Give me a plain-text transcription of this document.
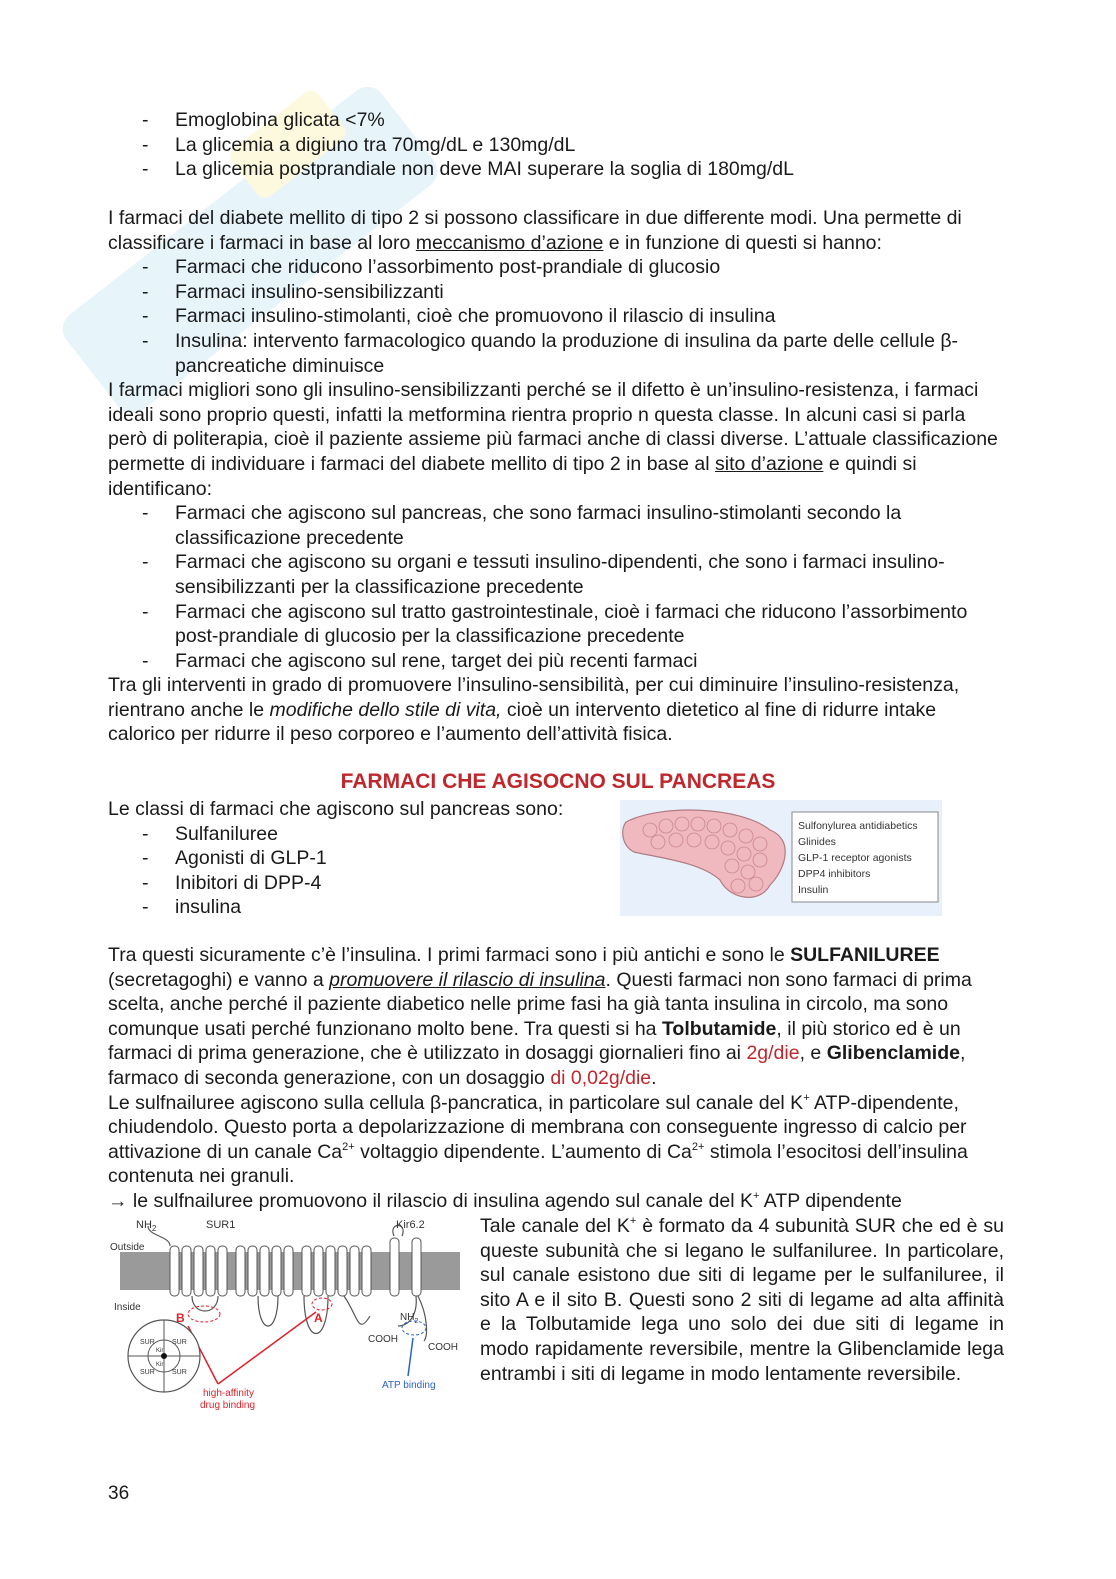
- Emoglobina glicata <7%
- La glicemia a digiuno tra 70mg/dL e 130mg/dL
- La glicemia postprandiale non deve MAI superare la soglia di 180mg/dL

I farmaci del diabete mellito di tipo 2 si possono classificare in due differente modi. Una permette di classificare i farmaci in base al loro meccanismo d’azione e in funzione di questi si hanno:

- Farmaci che riducono l’assorbimento post-prandiale di glucosio
- Farmaci insulino-sensibilizzanti
- Farmaci insulino-stimolanti, cioè che promuovono il rilascio di insulina
- Insulina: intervento farmacologico quando la produzione di insulina da parte delle cellule β-pancreatiche diminuisce

I farmaci migliori sono gli insulino-sensibilizzanti perché se il difetto è un’insulino-resistenza, i farmaci ideali sono proprio questi, infatti la metformina rientra proprio n questa classe. In alcuni casi si parla però di politerapia, cioè il paziente assieme più farmaci anche di classi diverse. L’attuale classificazione permette di individuare i farmaci del diabete mellito di tipo 2 in base al sito d’azione e quindi si identificano:

- Farmaci che agiscono sul pancreas, che sono farmaci insulino-stimolanti secondo la classificazione precedente
- Farmaci che agiscono su organi e tessuti insulino-dipendenti, che sono i farmaci insulino-sensibilizzanti per la classificazione precedente
- Farmaci che agiscono sul tratto gastrointestinale, cioè i farmaci che riducono l’assorbimento post-prandiale di glucosio per la classificazione precedente
- Farmaci che agiscono sul rene, target dei più recenti farmaci

Tra gli interventi in grado di promuovere l’insulino-sensibilità, per cui diminuire l’insulino-resistenza, rientrano anche le modifiche dello stile di vita, cioè un intervento dietetico al fine di ridurre intake calorico per ridurre il peso corporeo e l’aumento dell’attività fisica.

FARMACI CHE AGISOCNO SUL PANCREAS

Le classi di farmaci che agiscono sul pancreas sono:

- Sulfaniluree
- Agonisti di GLP-1
- Inibitori di DPP-4
- insulina
Sulfonylurea antidiabetics
Glinides
GLP-1 receptor agonists
DPP4 inhibitors
Insulin

Tra questi sicuramente c’è l’insulina. I primi farmaci sono i più antichi e sono le SULFANILUREE (secretagoghi) e vanno a promuovere il rilascio di insulina. Questi farmaci non sono farmaci di prima scelta, anche perché il paziente diabetico nelle prime fasi ha già tanta insulina in circolo, ma sono comunque usati perché funzionano molto bene. Tra questi si ha Tolbutamide, il più storico ed è un farmaci di prima generazione, che è utilizzato in dosaggi giornalieri fino ai 2g/die, e Glibenclamide, farmaco di seconda generazione, con un dosaggio di 0,02g/die.

Le sulfnailuree agiscono sulla cellula β-pancratica, in particolare sul canale del K+ ATP-dipendente, chiudendolo. Questo porta a depolarizzazione di membrana con conseguente ingresso di calcio per attivazione di un canale $Ca^{2+}$ voltaggio dipendente. L’aumento di $Ca^{2+}$ stimola l’esocitosi dell’insulina contenuta nei granuli.

→ le sulfnailuree promuovono il rilascio di insulina agendo sul canale del K+ ATP dipendente

$NH_2$	SUR1	Kir6.2
Outside
Inside
B	A
COOH
COOH
$NH_2$
SUR SUR
SUR SUR
Kir
Kir
high-affinity
drug binding
ATP binding
Tale canale del K+ è formato da 4 subunità SUR che ed è su queste subunità che si legano le sulfaniluree. In particolare, sul canale esistono due siti di legame per le sulfaniluree, il sito A e il sito B. Questi sono 2 siti di legame ad alta affinità e la Tolbutamide lega uno solo dei due siti di legame in modo rapidamente reversibile, mentre la Glibenclamide lega entrambi i siti di legame in modo lentamente reversibile.
36
